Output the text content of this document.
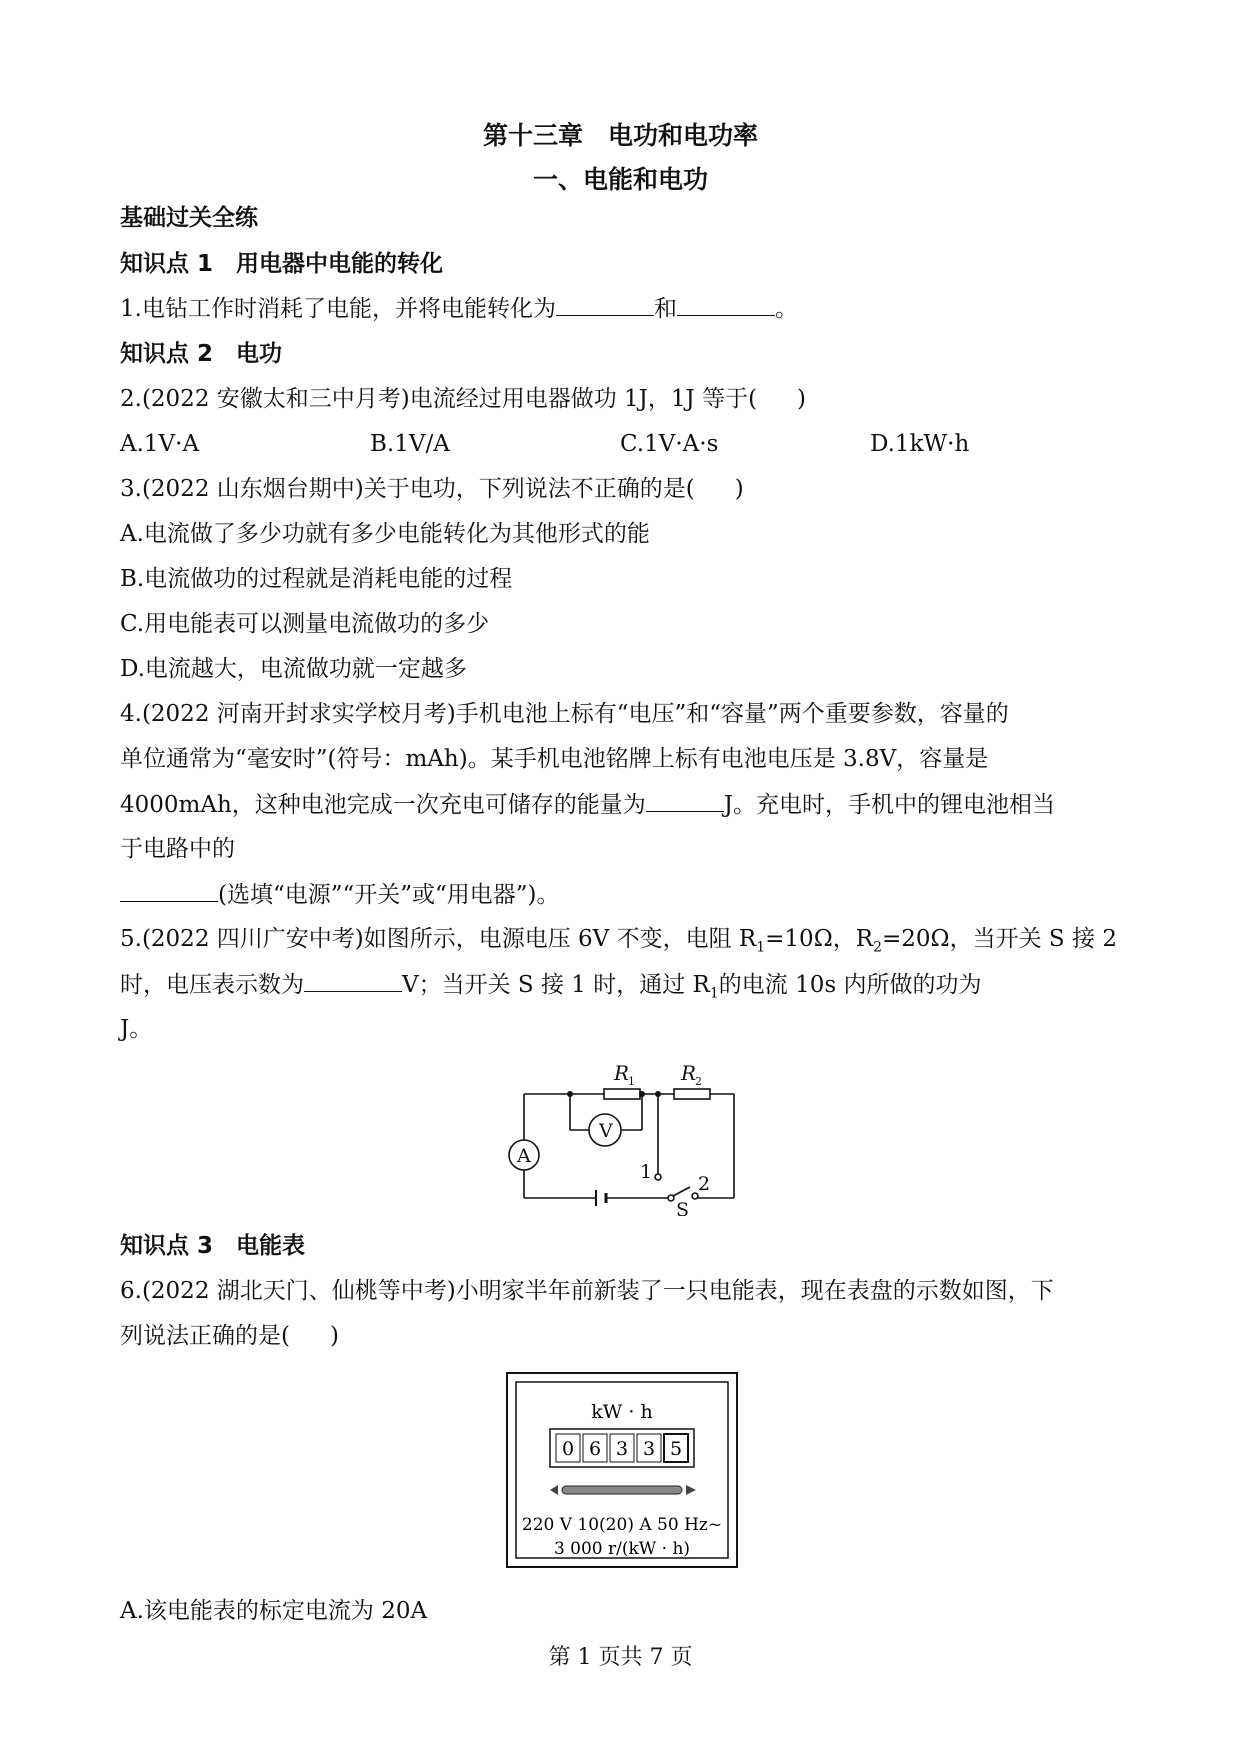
第十三章　电功和电功率
一、电能和电功
基础过关全练
知识点 1 用电器中电能的转化
1.电钻工作时消耗了电能，并将电能转化为	和	。
知识点 2 电功
2.(2022 安徽太和三中月考)电流经过用电器做功 1J，1J 等于( )
A.1V·A	B.1V/A	C.1V·A·s	D.1kW·h
3.(2022 山东烟台期中)关于电功，下列说法不正确的是( )
A.电流做了多少功就有多少电能转化为其他形式的能
B.电流做功的过程就是消耗电能的过程
C.用电能表可以测量电流做功的多少
D.电流越大，电流做功就一定越多
4.(2022 河南开封求实学校月考)手机电池上标有“电压”和“容量”两个重要参数，容量的
单位通常为“毫安时”(符号：mAh)。某手机电池铭牌上标有电池电压是 3.8V，容量是
4000mAh，这种电池完成一次充电可储存的能量为	J。充电时，手机中的锂电池相当
于电路中的
(选填“电源”“开关”或“用电器”)。
5.(2022 四川广安中考)如图所示，电源电压 6V 不变，电阻 $R_1=10\Omega$，$R_2=20\Omega$，当开关 S 接 2
时，电压表示数为	V；当开关 S 接 1 时，通过 $R_1$的电流 10s 内所做的功为
J。
R
1 R
2
V
A
1
2
S
知识点 3 电能表
6.(2022 湖北天门、仙桃等中考)小明家半年前新装了一只电能表，现在表盘的示数如图，下
列说法正确的是( )
kW · h
0 6 3 3 5
220 V 10(20) A 50 Hz~
3 000 r/(kW · h)
A.该电能表的标定电流为 20A
第 1 页共 7 页
